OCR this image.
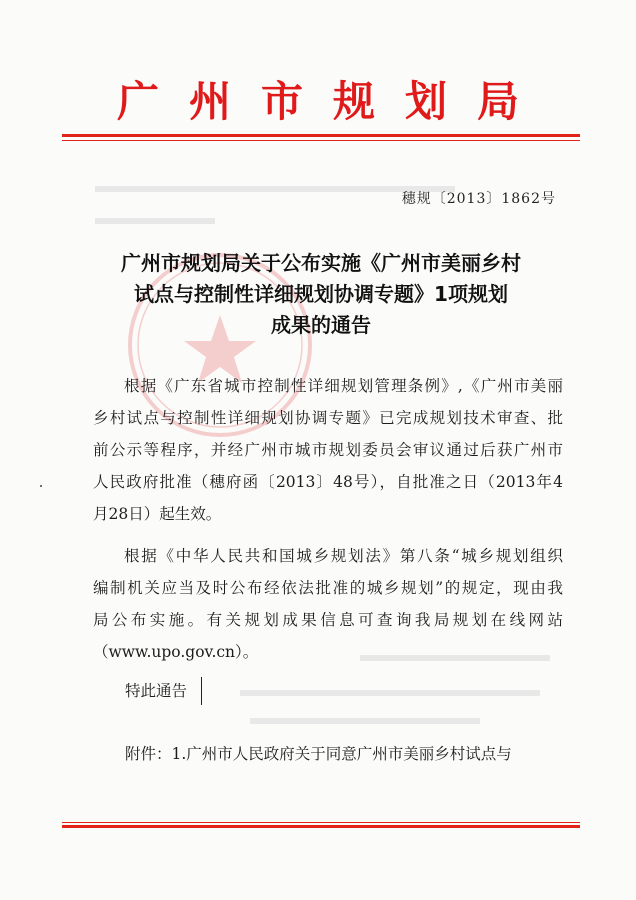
广州市规划局
穗规〔2013〕1862号
广州市规划局关于公布实施《广州市美丽乡村
试点与控制性详细规划协调专题》1项规划
成果的通告
根据《广东省城市控制性详细规划管理条例》,《广州市美丽
乡村试点与控制性详细规划协调专题》已完成规划技术审查、批
前公示等程序，并经广州市城市规划委员会审议通过后获广州市
人民政府批准（穗府函〔2013〕48号），自批准之日（2013年4
月28日）起生效。
根据《中华人民共和国城乡规划法》第八条“城乡规划组织
编制机关应当及时公布经依法批准的城乡规划”的规定，现由我
局公布实施。有关规划成果信息可查询我局规划在线网站
（www.upo.gov.cn）。
特此通告
附件：1.广州市人民政府关于同意广州市美丽乡村试点与
